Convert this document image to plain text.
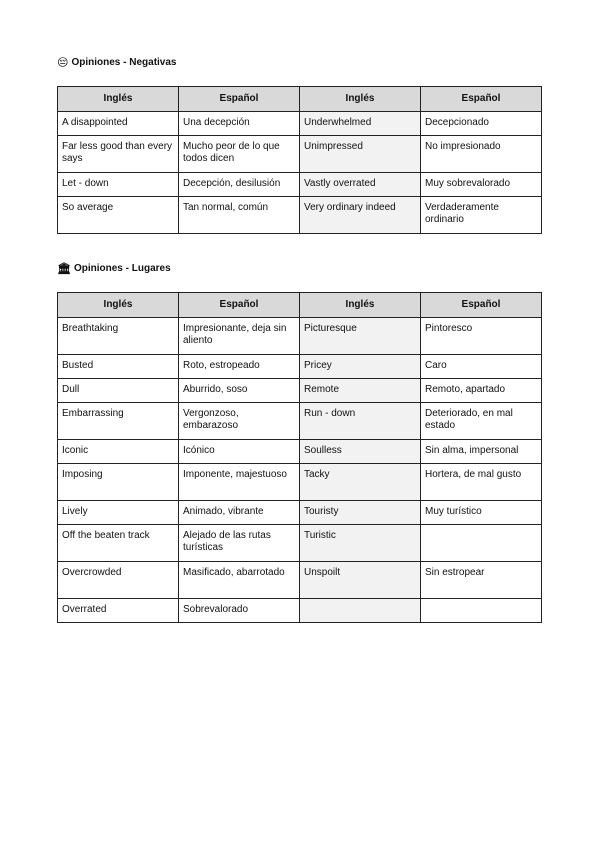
😔 Opiniones - Negativas
Inglés	Español	Inglés	Español
A disappointed	Una decepción	Underwhelmed	Decepcionado
Far less good than every says	Mucho peor de lo que todos dicen	Unimpressed	No impresionado
Let - down	Decepción, desilusión	Vastly overrated	Muy sobrevalorado
So average	Tan normal, común	Very ordinary indeed	Verdaderamente ordinario
🏛 Opiniones - Lugares
Inglés	Español	Inglés	Español
Breathtaking	Impresionante, deja sin aliento	Picturesque	Pintoresco
Busted	Roto, estropeado	Pricey	Caro
Dull	Aburrido, soso	Remote	Remoto, apartado
Embarrassing	Vergonzoso, embarazoso	Run - down	Deteriorado, en mal estado
Iconic	Icónico	Soulless	Sin alma, impersonal
Imposing	Imponente, majestuoso	Tacky	Hortera, de mal gusto
Lively	Animado, vibrante	Touristy	Muy turístico
Off the beaten track	Alejado de las rutas turísticas	Turistic	
Overcrowded	Masificado, abarrotado	Unspoilt	Sin estropear
Overrated	Sobrevalorado		
